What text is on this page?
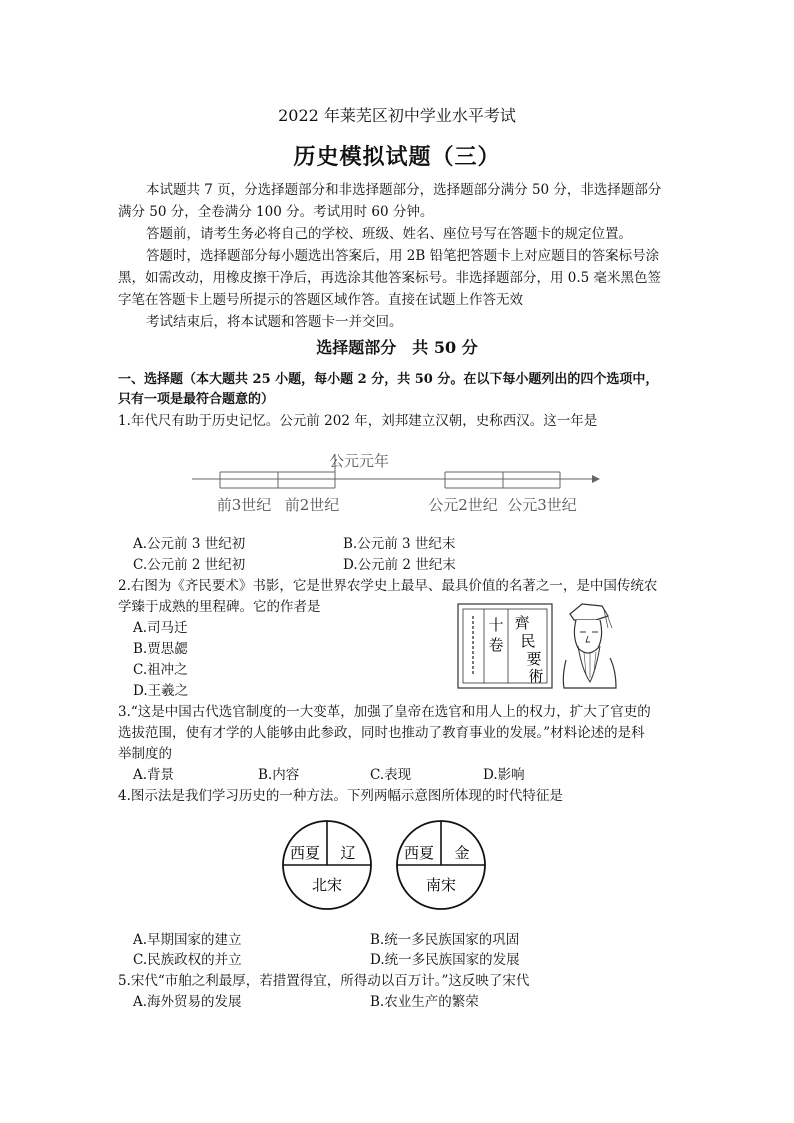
2022 年莱芜区初中学业水平考试
历史模拟试题（三）
本试题共 7 页，分选择题部分和非选择题部分，选择题部分满分 50 分，非选择题部分
满分 50 分，全卷满分 100 分。考试用时 60 分钟。
答题前，请考生务必将自己的学校、班级、姓名、座位号写在答题卡的规定位置。
答题时，选择题部分每小题选出答案后，用 2B 铅笔把答题卡上对应题目的答案标号涂
黑，如需改动，用橡皮擦干净后，再选涂其他答案标号。非选择题部分，用 0.5 毫米黑色签
字笔在答题卡上题号所提示的答题区域作答。直接在试题上作答无效
考试结束后，将本试题和答题卡一并交回。
选择题部分　共 50 分
一、选择题（本大题共 25 小题，每小题 2 分，共 50 分。在以下每小题列出的四个选项中，
只有一项是最符合题意的）
1.年代尺有助于历史记忆。公元前 202 年，刘邦建立汉朝，史称西汉。这一年是
公元元年
前3世纪 前2世纪	公元2世纪 公元3世纪
A.公元前 3 世纪初	B.公元前 3 世纪末
C.公元前 2 世纪初	D.公元前 2 世纪末
2.右图为《齐民要术》书影，它是世界农学史上最早、最具价值的名著之一，是中国传统农
学臻于成熟的里程碑。它的作者是
A.司马迁
B.贾思勰
C.祖冲之
D.王羲之
十
卷
齊
民
要
術
3.“这是中国古代选官制度的一大变革，加强了皇帝在选官和用人上的权力，扩大了官吏的
选拔范围，使有才学的人能够由此参政，同时也推动了教育事业的发展。”材料论述的是科
举制度的
A.背景	B.内容	C.表现	D.影响
4.图示法是我们学习历史的一种方法。下列两幅示意图所体现的时代特征是
西夏 辽
北宋
西夏 金
南宋
A.早期国家的建立	B.统一多民族国家的巩固
C.民族政权的并立	D.统一多民族国家的发展
5.宋代“市舶之利最厚，若措置得宜，所得动以百万计。”这反映了宋代
A.海外贸易的发展	B.农业生产的繁荣
